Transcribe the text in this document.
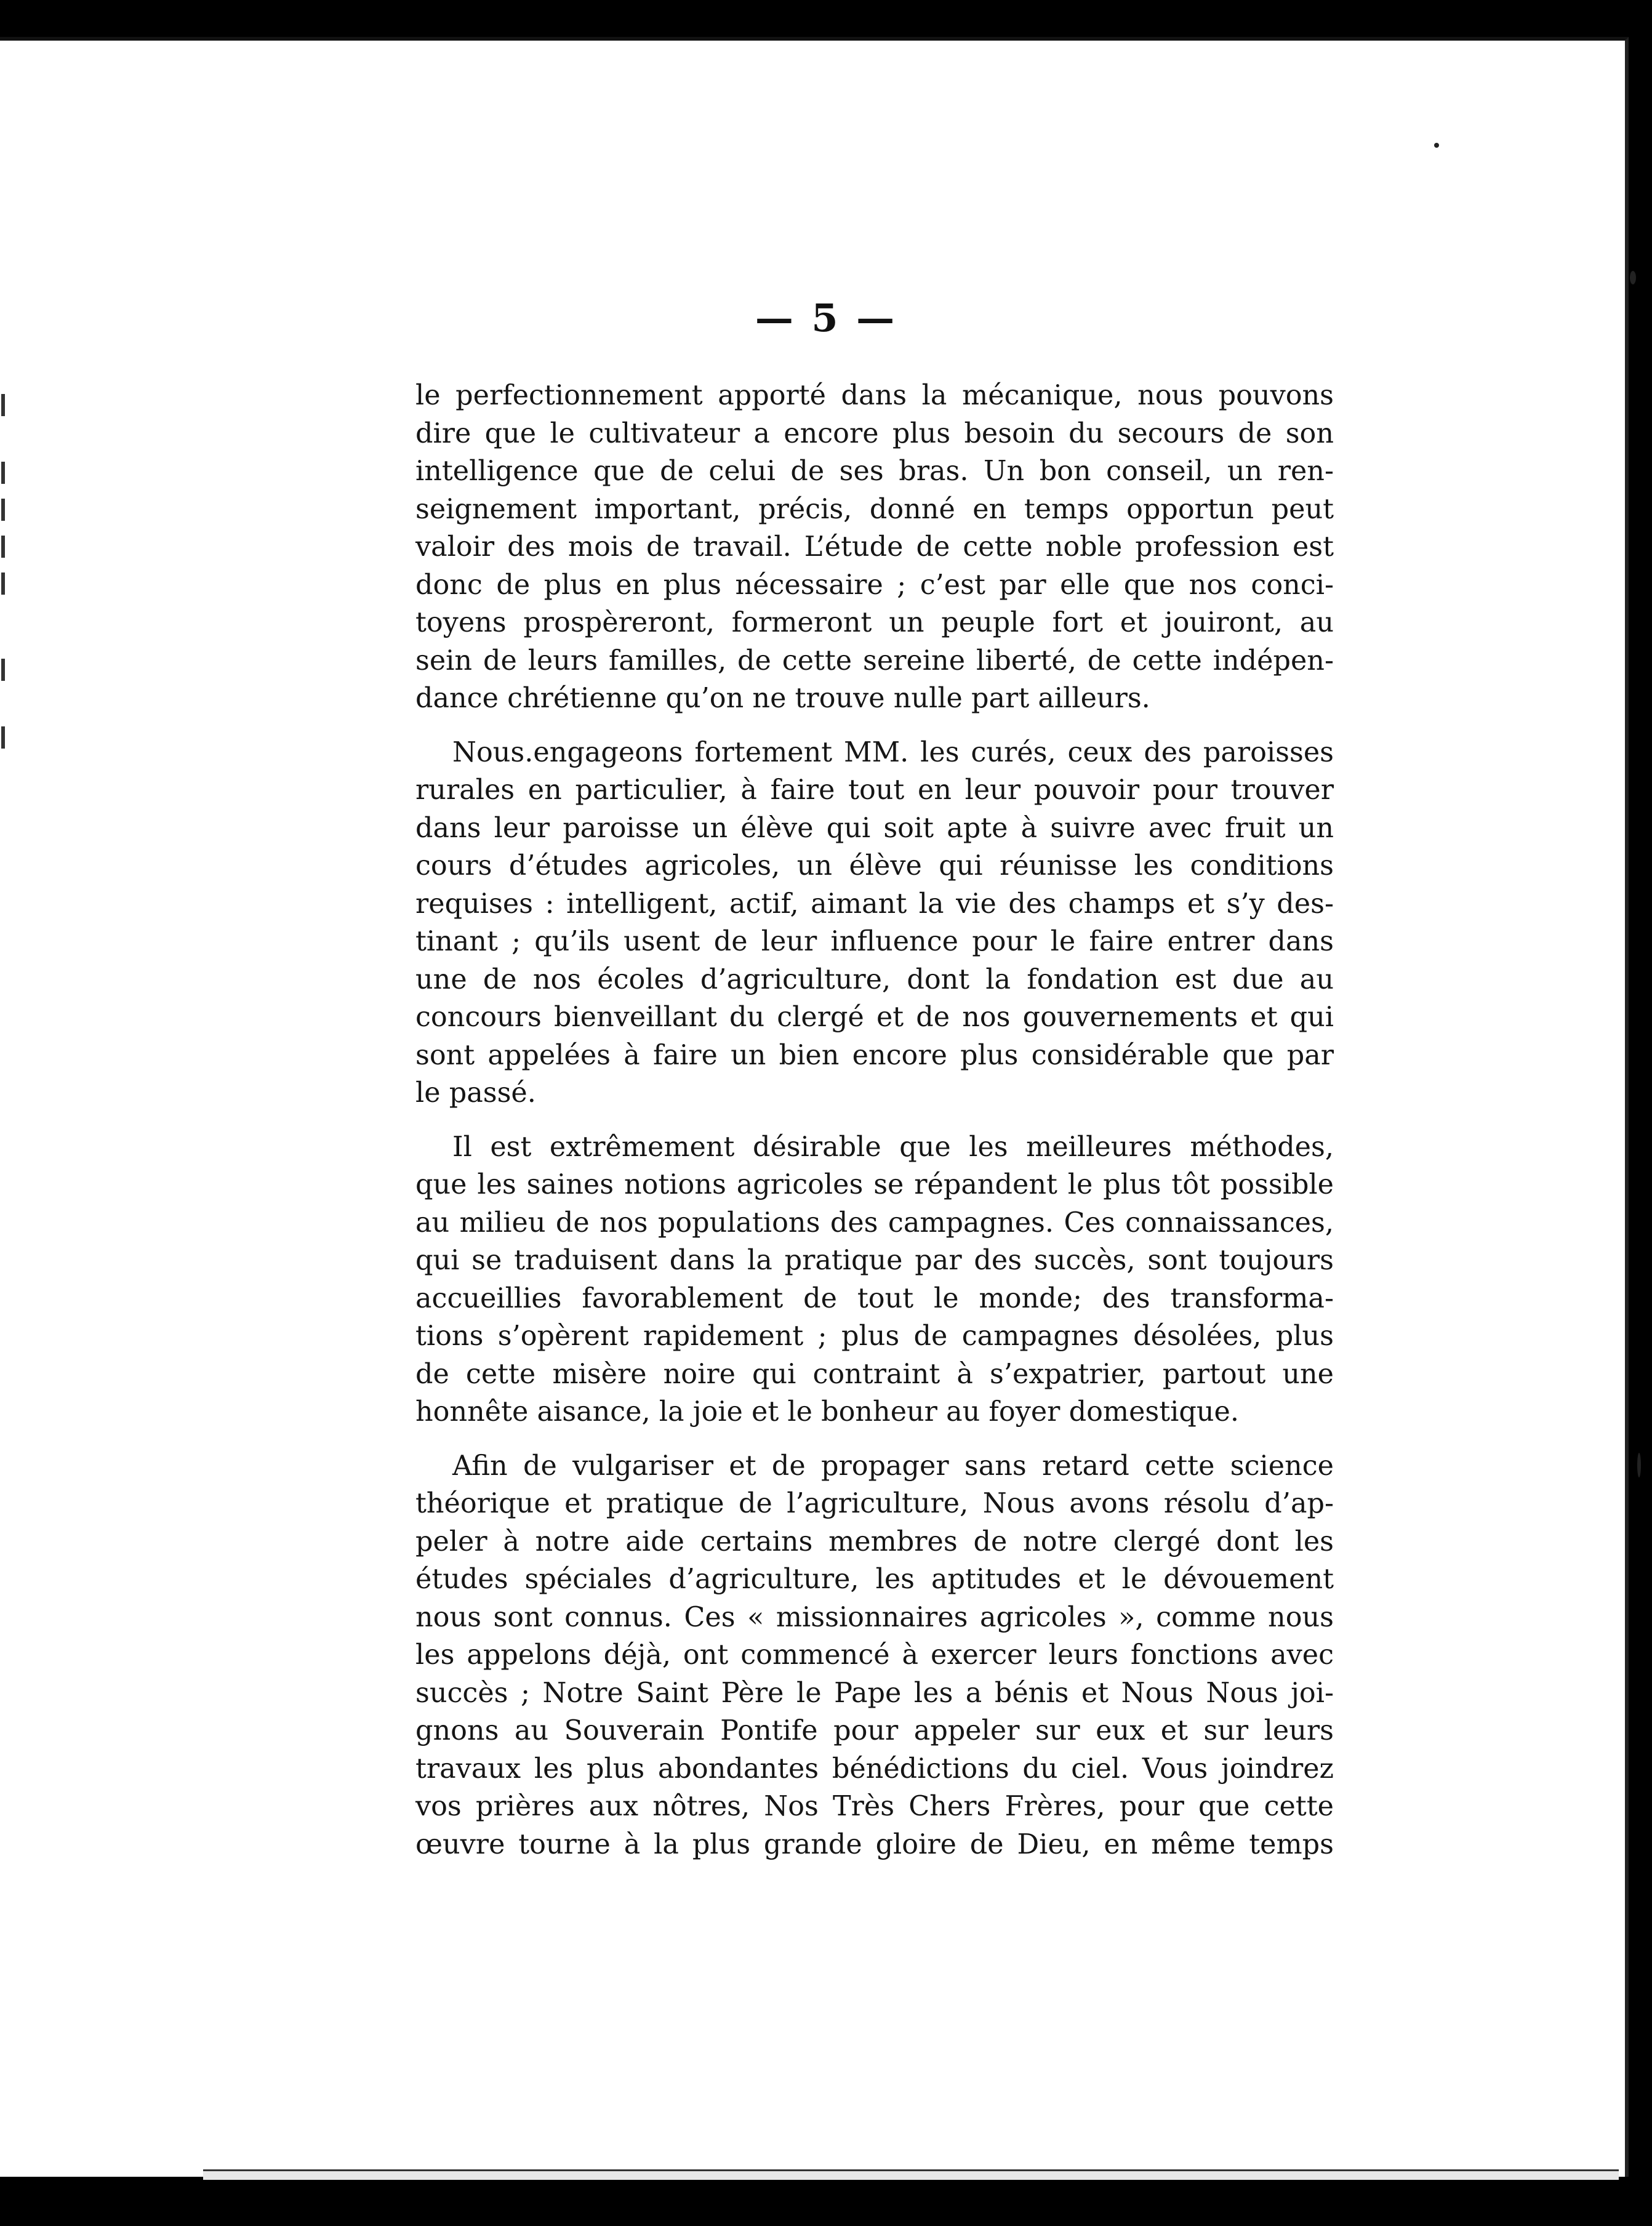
— 5 —
le perfectionnement apporté dans la mécanique, nous pouvons
dire que le cultivateur a encore plus besoin du secours de son
intelligence que de celui de ses bras. Un bon conseil, un ren-
seignement important, précis, donné en temps opportun peut
valoir des mois de travail. L’étude de cette noble profession est
donc de plus en plus nécessaire ; c’est par elle que nos conci-
toyens prospèreront, formeront un peuple fort et jouiront, au
sein de leurs familles, de cette sereine liberté, de cette indépen-
dance chrétienne qu’on ne trouve nulle part ailleurs.
Nous.engageons fortement MM. les curés, ceux des paroisses
rurales en particulier, à faire tout en leur pouvoir pour trouver
dans leur paroisse un élève qui soit apte à suivre avec fruit un
cours d’études agricoles, un élève qui réunisse les conditions
requises : intelligent, actif, aimant la vie des champs et s’y des-
tinant ; qu’ils usent de leur influence pour le faire entrer dans
une de nos écoles d’agriculture, dont la fondation est due au
concours bienveillant du clergé et de nos gouvernements et qui
sont appelées à faire un bien encore plus considérable que par
le passé.
Il est extrêmement désirable que les meilleures méthodes,
que les saines notions agricoles se répandent le plus tôt possible
au milieu de nos populations des campagnes. Ces connaissances,
qui se traduisent dans la pratique par des succès, sont toujours
accueillies favorablement de tout le monde; des transforma-
tions s’opèrent rapidement ; plus de campagnes désolées, plus
de cette misère noire qui contraint à s’expatrier, partout une
honnête aisance, la joie et le bonheur au foyer domestique.
Afin de vulgariser et de propager sans retard cette science
théorique et pratique de l’agriculture, Nous avons résolu d’ap-
peler à notre aide certains membres de notre clergé dont les
études spéciales d’agriculture, les aptitudes et le dévouement
nous sont connus. Ces « missionnaires agricoles », comme nous
les appelons déjà, ont commencé à exercer leurs fonctions avec
succès ; Notre Saint Père le Pape les a bénis et Nous Nous joi-
gnons au Souverain Pontife pour appeler sur eux et sur leurs
travaux les plus abondantes bénédictions du ciel. Vous joindrez
vos prières aux nôtres, Nos Très Chers Frères, pour que cette
œuvre tourne à la plus grande gloire de Dieu, en même temps
